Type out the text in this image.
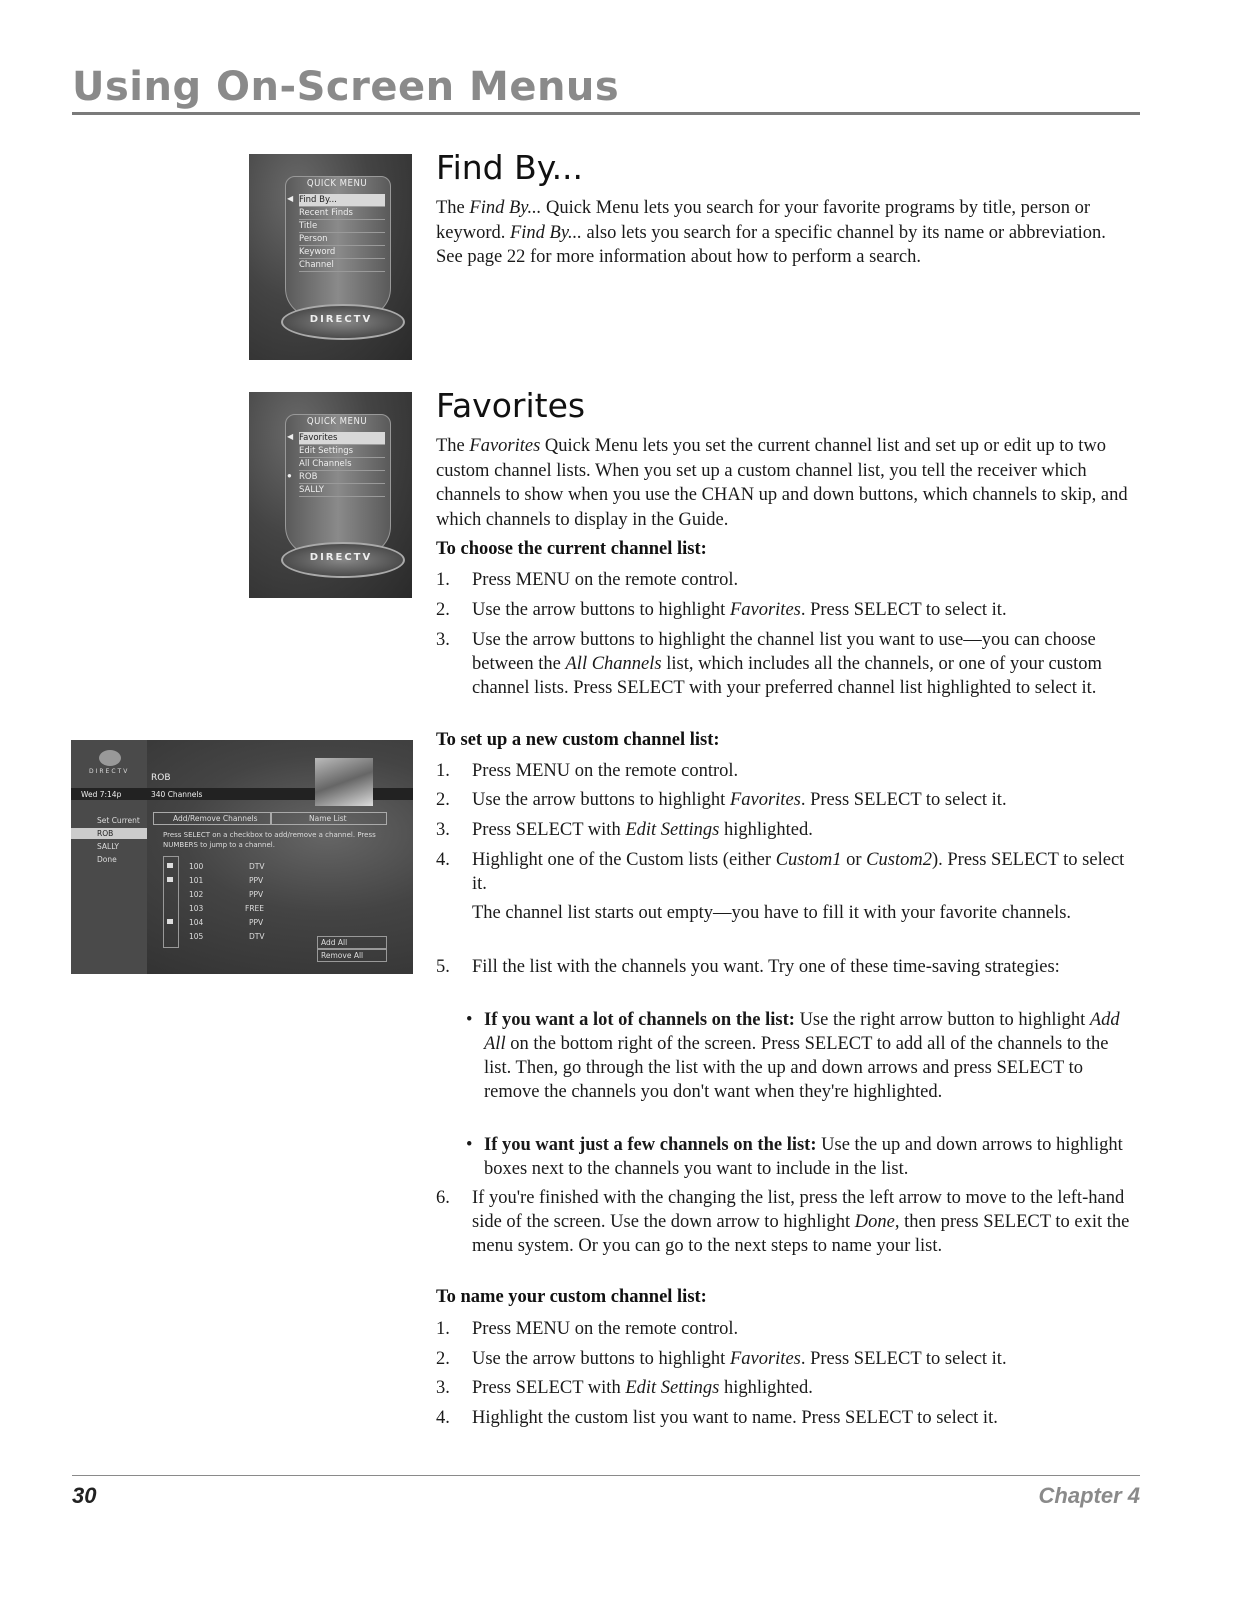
Using On-Screen Menus
QUICK MENU
◀ Find By...
Recent Finds
Title
Person
Keyword
Channel
DIRECTV
Find By...

The Find By... Quick Menu lets you search for your favorite programs by title, person or keyword. Find By... also lets you search for a specific channel by its name or abbreviation. See page 22 for more information about how to perform a search.

QUICK MENU
◀ Favorites
Edit Settings
All Channels
● ROB
SALLY
DIRECTV
Favorites

The Favorites Quick Menu lets you set the current channel list and set up or edit up to two custom channel lists. When you set up a custom channel list, you tell the receiver which channels to show when you use the CHAN up and down buttons, which channels to skip, and which channels to display in the Guide.

To choose the current channel list:
1. Press MENU on the remote control.
2. Use the arrow buttons to highlight Favorites. Press SELECT to select it.
3. Use the arrow buttons to highlight the channel list you want to use—you can choose between the All Channels list, which includes all the channels, or one of your custom channel lists. Press SELECT with your preferred channel list highlighted to select it.
DIRECTV
ROB
Wed 7:14p	340 Channels
Set Current
ROB
SALLY
Done
Add/Remove Channels	Name List
Press SELECT on a checkbox to add/remove a channel. Press NUMBERS to jump to a channel.
100	DTV
101	PPV
102	PPV
103	FREE
104	PPV
105	DTV
Add All
Remove All
To set up a new custom channel list:
1. Press MENU on the remote control.
2. Use the arrow buttons to highlight Favorites. Press SELECT to select it.
3. Press SELECT with Edit Settings highlighted.
4. Highlight one of the Custom lists (either Custom1 or Custom2). Press SELECT to select it.
The channel list starts out empty—you have to fill it with your favorite channels.
5. Fill the list with the channels you want. Try one of these time-saving strategies:
• If you want a lot of channels on the list: Use the right arrow button to highlight Add All on the bottom right of the screen. Press SELECT to add all of the channels to the list. Then, go through the list with the up and down arrows and press SELECT to remove the channels you don't want when they're highlighted.
• If you want just a few channels on the list: Use the up and down arrows to highlight boxes next to the channels you want to include in the list.
6. If you're finished with the changing the list, press the left arrow to move to the left-hand side of the screen. Use the down arrow to highlight Done, then press SELECT to exit the menu system. Or you can go to the next steps to name your list.
To name your custom channel list:
1. Press MENU on the remote control.
2. Use the arrow buttons to highlight Favorites. Press SELECT to select it.
3. Press SELECT with Edit Settings highlighted.
4. Highlight the custom list you want to name. Press SELECT to select it.
30	Chapter 4
